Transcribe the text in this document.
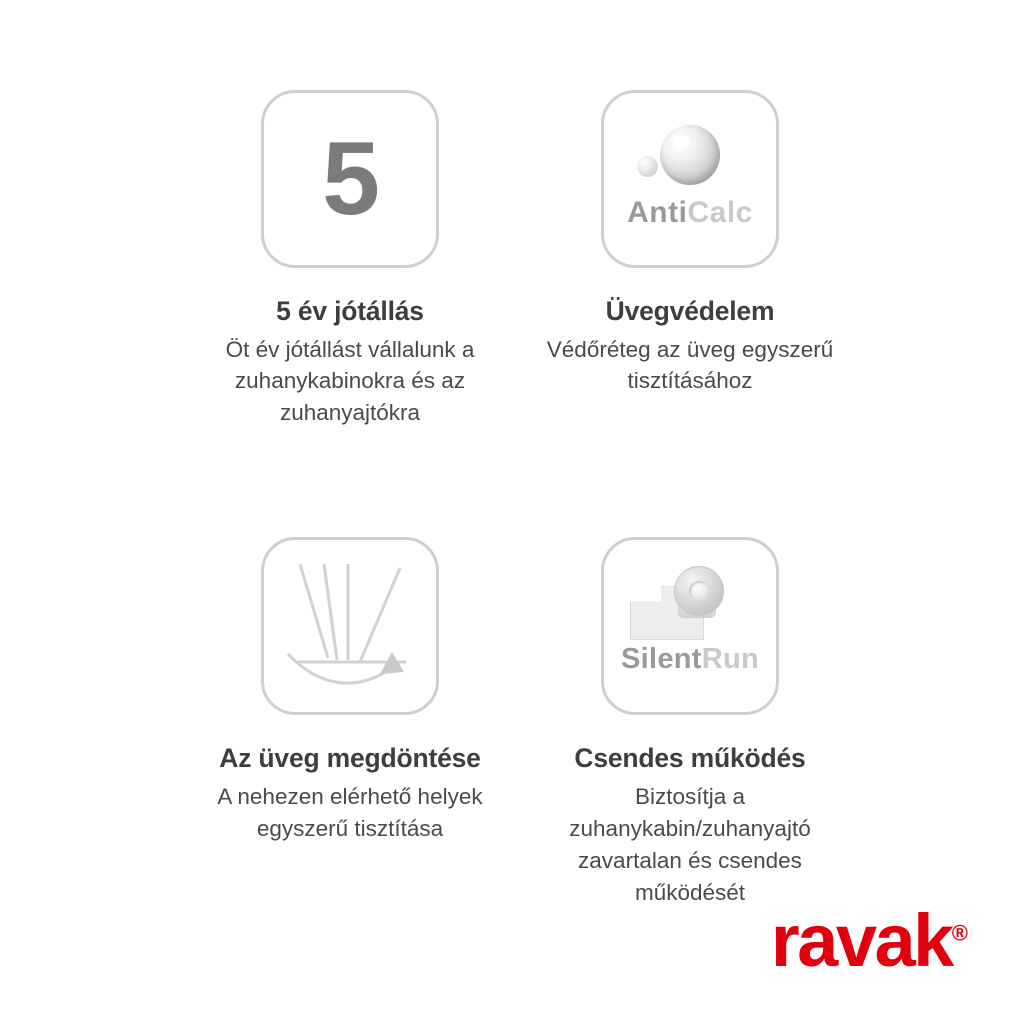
5
5 év jótállás
Öt év jótállást vállalunk a zuhanykabinokra és az zuhanyajtókra
AntiCalc
Üvegvédelem
Védőréteg az üveg egyszerű tisztításához
Az üveg megdöntése
A nehezen elérhető helyek egyszerű tisztítása
SilentRun
Csendes működés
Biztosítja a zuhanykabin/zuhanyajtó zavartalan és csendes működését
ravak®
